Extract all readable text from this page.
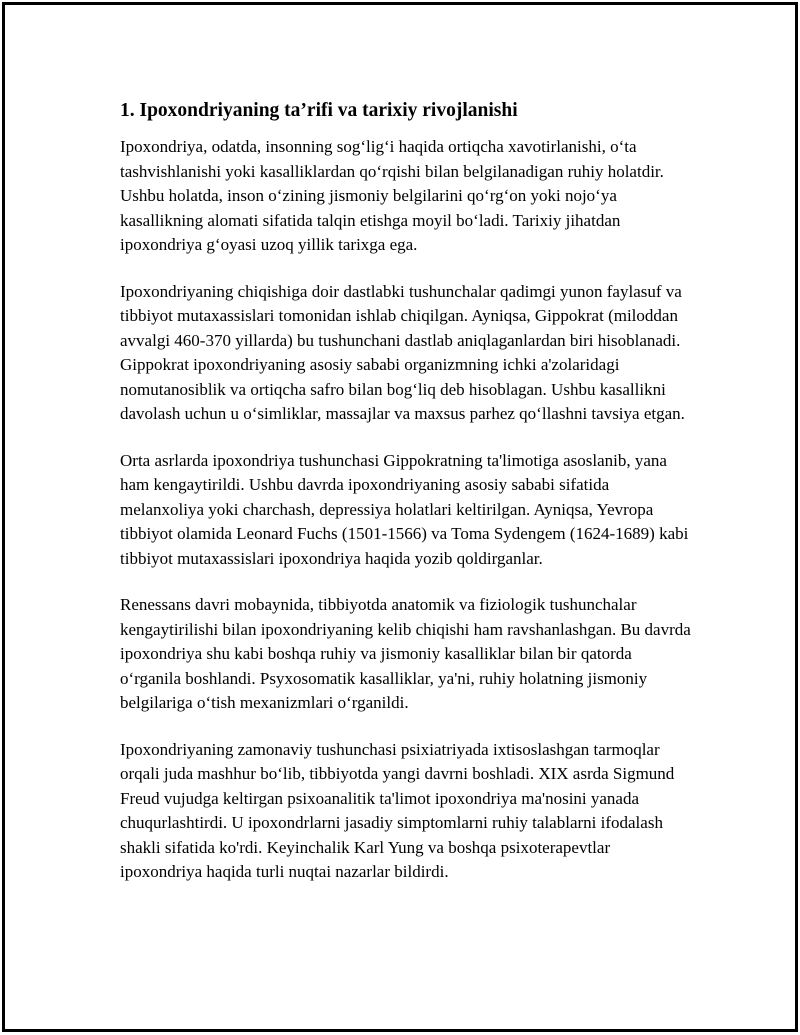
1. Ipoxondriyaning ta’rifi va tarixiy rivojlanishi

Ipoxondriya, odatda, insonning sogʻligʻi haqida ortiqcha xavotirlanishi, oʻta tashvishlanishi yoki kasalliklardan qoʻrqishi bilan belgilanadigan ruhiy holatdir. Ushbu holatda, inson oʻzining jismoniy belgilarini qoʻrgʻon yoki nojoʻya kasallikning alomati sifatida talqin etishga moyil boʻladi. Tarixiy jihatdan ipoxondriya gʻoyasi uzoq yillik tarixga ega.

Ipoxondriyaning chiqishiga doir dastlabki tushunchalar qadimgi yunon faylasuf va tibbiyot mutaxassislari tomonidan ishlab chiqilgan. Ayniqsa, Gippokrat (miloddan avvalgi 460-370 yillarda) bu tushunchani dastlab aniqlaganlardan biri hisoblanadi. Gippokrat ipoxondriyaning asosiy sababi organizmning ichki a'zolaridagi nomutanosiblik va ortiqcha safro bilan bogʻliq deb hisoblagan. Ushbu kasallikni davolash uchun u oʻsimliklar, massajlar va maxsus parhez qoʻllashni tavsiya etgan.

Orta asrlarda ipoxondriya tushunchasi Gippokratning ta'limotiga asoslanib, yana ham kengaytirildi. Ushbu davrda ipoxondriyaning asosiy sababi sifatida melanxoliya yoki charchash, depressiya holatlari keltirilgan. Ayniqsa, Yevropa tibbiyot olamida Leonard Fuchs (1501-1566) va Toma Sydengem (1624-1689) kabi tibbiyot mutaxassislari ipoxondriya haqida yozib qoldirganlar.

Renessans davri mobaynida, tibbiyotda anatomik va fiziologik tushunchalar kengaytirilishi bilan ipoxondriyaning kelib chiqishi ham ravshanlashgan. Bu davrda ipoxondriya shu kabi boshqa ruhiy va jismoniy kasalliklar bilan bir qatorda oʻrganila boshlandi. Psyxosomatik kasalliklar, ya'ni, ruhiy holatning jismoniy belgilariga oʻtish mexanizmlari oʻrganildi.

Ipoxondriyaning zamonaviy tushunchasi psixiatriyada ixtisoslashgan tarmoqlar orqali juda mashhur boʻlib, tibbiyotda yangi davrni boshladi. XIX asrda Sigmund Freud vujudga keltirgan psixoanalitik ta'limot ipoxondriya ma'nosini yanada chuqurlashtirdi. U ipoxondrlarni jasadiy simptomlarni ruhiy talablarni ifodalash shakli sifatida ko'rdi. Keyinchalik Karl Yung va boshqa psixoterapevtlar ipoxondriya haqida turli nuqtai nazarlar bildirdi.
